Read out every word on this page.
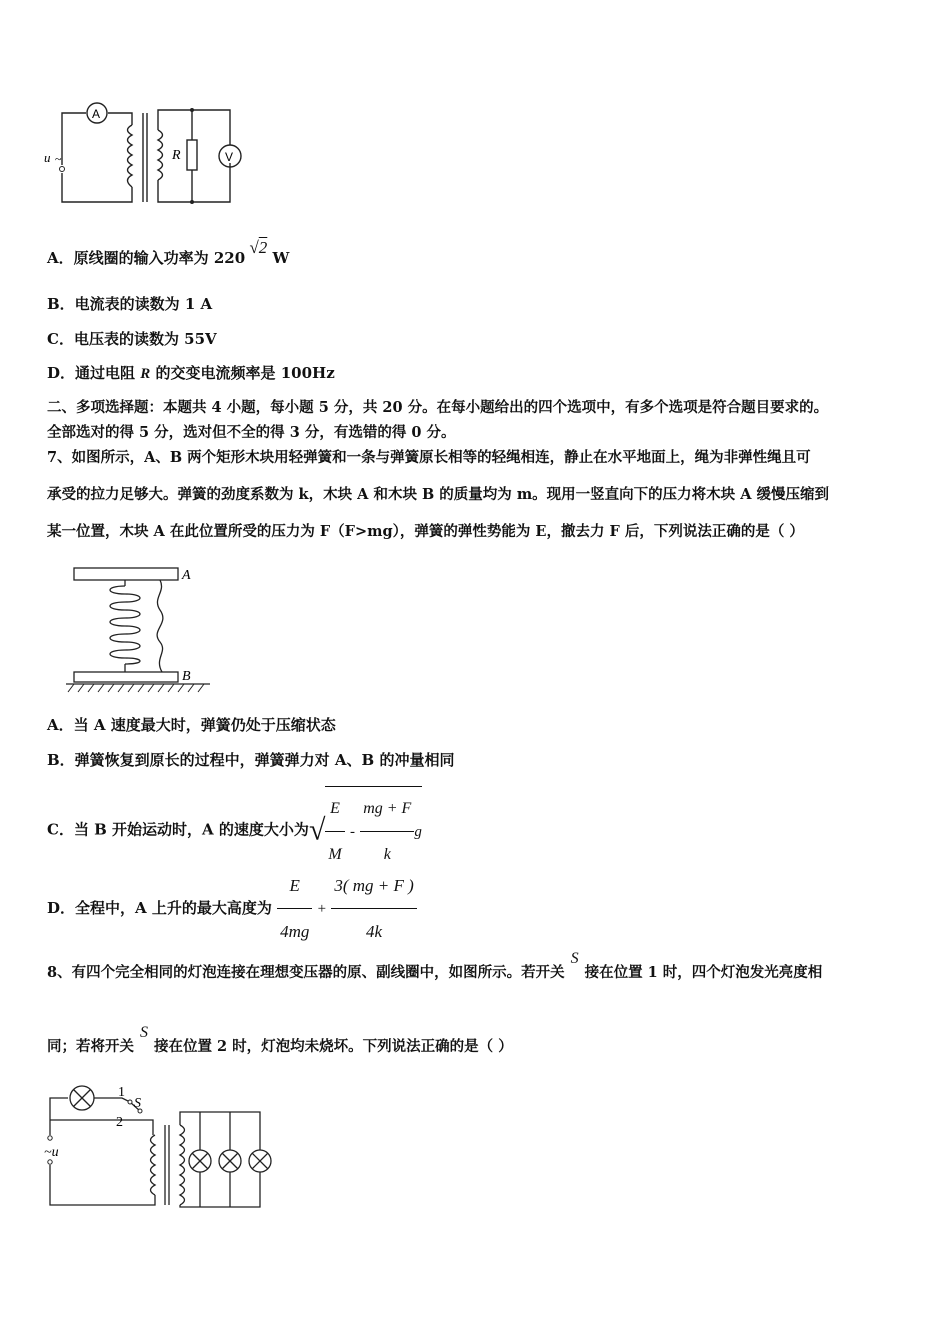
u ~
A
R	V
A．原线圈的输入功率为 220 √2 W
B．电流表的读数为 1 A
C．电压表的读数为 55V
D．通过电阻 R 的交变电流频率是 100Hz
二、多项选择题：本题共 4 小题，每小题 5 分，共 20 分。在每小题给出的四个选项中，有多个选项是符合题目要求的。
全部选对的得 5 分，选对但不全的得 3 分，有选错的得 0 分。
7、如图所示，A、B 两个矩形木块用轻弹簧和一条与弹簧原长相等的轻绳相连，静止在水平地面上，绳为非弹性绳且可
承受的拉力足够大。弹簧的劲度系数为 k，木块 A 和木块 B 的质量均为 m。现用一竖直向下的压力将木块 A 缓慢压缩到
某一位置，木块 A 在此位置所受的压力为 F（F>mg），弹簧的弹性势能为 E，撤去力 F 后，下列说法正确的是（ ）
A
B
A．当 A 速度最大时，弹簧仍处于压缩状态
B．弹簧恢复到原长的过程中，弹簧弹力对 A、B 的冲量相同
C．当 B 开始运动时，A 的速度大小为√ $\frac{E}{M} - \frac{mg + F}{k}$ g
D．全程中，A 上升的最大高度为 $\frac{E}{4mg} + \frac{3( mg + F )}{4k}$
8、有四个完全相同的灯泡连接在理想变压器的原、副线圈中，如图所示。若开关S接在位置 1 时，四个灯泡发光亮度相
同；若将开关S接在位置 2 时，灯泡均未烧坏。下列说法正确的是（ ）
1
2
S
~u
